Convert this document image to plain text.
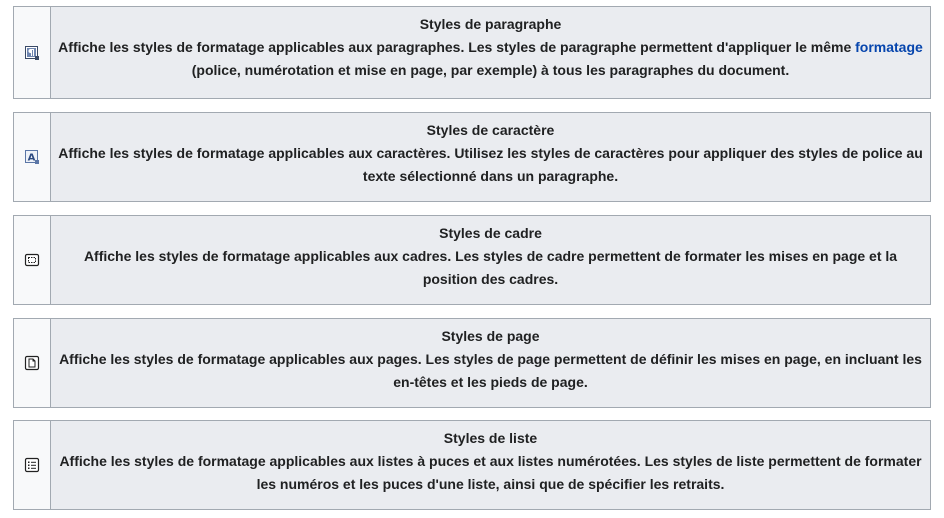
Styles de paragraphe
Affiche les styles de formatage applicables aux paragraphes. Les styles de paragraphe permettent d'appliquer le même formatage (police, numérotation et mise en page, par exemple) à tous les paragraphes du document.
A
Styles de caractère
Affiche les styles de formatage applicables aux caractères. Utilisez les styles de caractères pour appliquer des styles de police au texte sélectionné dans un paragraphe.
Styles de cadre
Affiche les styles de formatage applicables aux cadres. Les styles de cadre permettent de formater les mises en page et la position des cadres.
Styles de page
Affiche les styles de formatage applicables aux pages. Les styles de page permettent de définir les mises en page, en incluant les en-têtes et les pieds de page.
Styles de liste
Affiche les styles de formatage applicables aux listes à puces et aux listes numérotées. Les styles de liste permettent de formater les numéros et les puces d'une liste, ainsi que de spécifier les retraits.
